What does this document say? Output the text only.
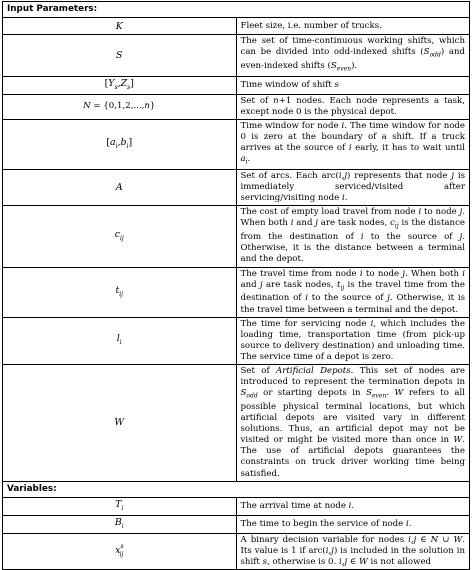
Input Parameters:	
K	Fleet size, i.e. number of trucks.
S	The set of time-continuous working shifts, which can be divided into odd-indexed shifts $(S_{odd})$ and even-indexed shifts $(S_{even})$.
$[Y_s,Z_s]$	Time window of shift s
N = {0,1,2,...,n}	Set of n+1 nodes. Each node represents a task, except node 0 is the physical depot.
$[a_i,b_i]$	Time window for node i. The time window for node 0 is zero at the boundary of a shift. If a truck arrives at the source of i early, it has to wait until $a_i$.
A	Set of arcs. Each arc(i,j) represents that node j is immediately serviced/visited after servicing/visiting node i.
$c_{ij}$	The cost of empty load travel from node i to node j. When both i and j are task nodes, $c_{ij}$ is the distance from the destination of i to the source of j. Otherwise, it is the distance between a terminal and the depot.
$t_{ij}$	The travel time from node i to node j. When both i and j are task nodes, $t_{ij}$ is the travel time from the destination of i to the source of j. Otherwise, it is the travel time between a terminal and the depot.
$l_i$	The time for servicing node i, which includes the loading time, transportation time (from pick-up source to delivery destination) and unloading time. The service time of a depot is zero.
W	Set of Artificial Depots. This set of nodes are introduced to represent the termination depots in $S_{odd}$ or starting depots in $S_{even}$. W refers to all possible physical terminal locations, but which artificial depots are visited vary in different solutions. Thus, an artificial depot may not be visited or might be visited more than once in W. The use of artificial depots guarantees the constraints on truck driver working time being satisfied.
Variables:	
$T_i$	The arrival time at node i.
$B_i$	The time to begin the service of node i.
$x^s_{ij}$	A binary decision variable for nodes i,j ∈ N ∪ W. Its value is 1 if arc(i,j) is included in the solution in shift s, otherwise is 0. i,j ∈ W is not allowed
